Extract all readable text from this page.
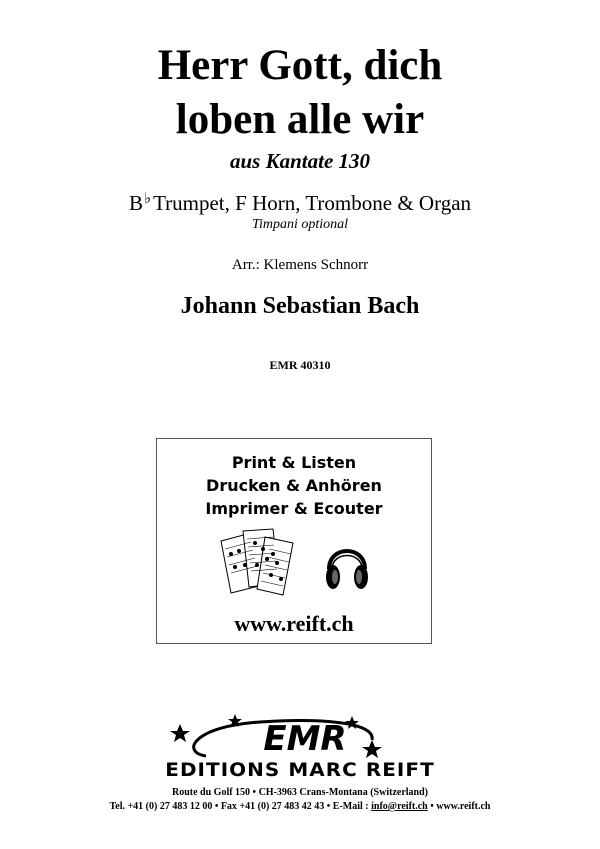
Herr Gott, dich
loben alle wir
aus Kantate 130
B♭Trumpet, F Horn, Trombone & Organ
Timpani optional
Arr.: Klemens Schnorr
Johann Sebastian Bach
EMR 40310
Print & Listen
Drucken & Anhören
Imprimer & Ecouter
www.reift.ch
EMR
EDITIONS MARC REIFT
Route du Golf 150 • CH-3963 Crans-Montana (Switzerland)
Tel. +41 (0) 27 483 12 00 • Fax +41 (0) 27 483 42 43 • E-Mail : info@reift.ch • www.reift.ch
